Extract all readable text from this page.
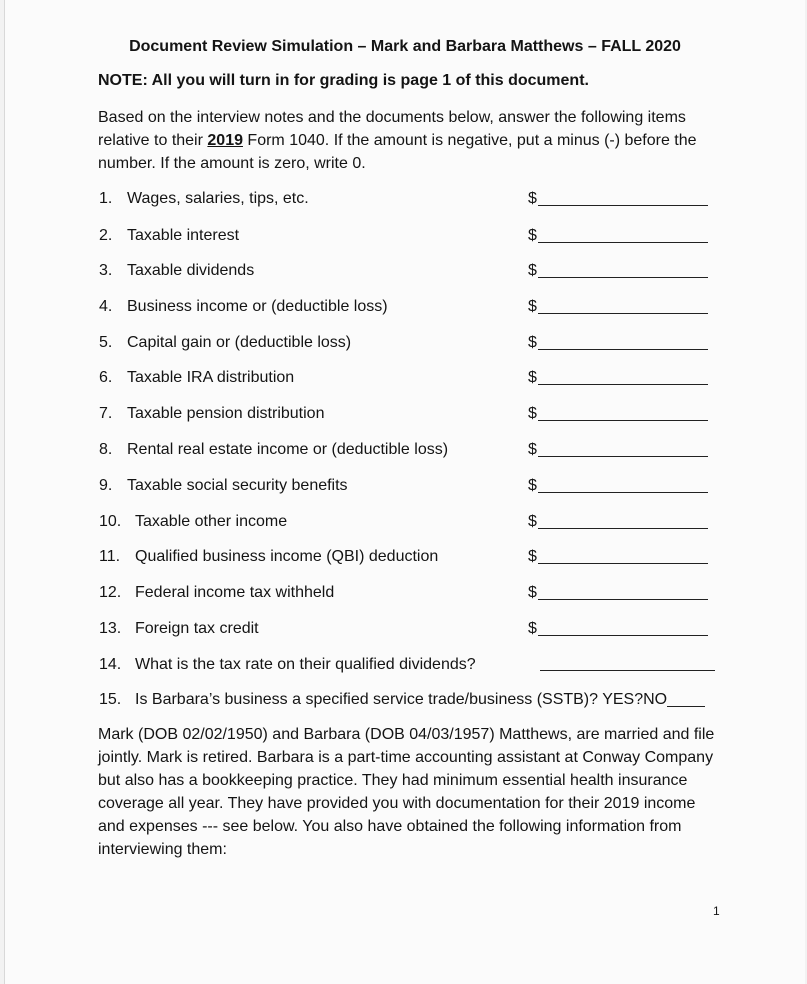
Document Review Simulation – Mark and Barbara Matthews – FALL 2020
NOTE: All you will turn in for grading is page 1 of this document.
Based on the interview notes and the documents below, answer the following items relative to their 2019 Form 1040. If the amount is negative, put a minus (-) before the number. If the amount is zero, write 0.
1. Wages, salaries, tips, etc.	$
2. Taxable interest	$
3. Taxable dividends	$
4. Business income or (deductible loss)	$
5. Capital gain or (deductible loss)	$
6. Taxable IRA distribution	$
7. Taxable pension distribution	$
8. Rental real estate income or (deductible loss)	$
9. Taxable social security benefits	$
10. Taxable other income	$
11. Qualified business income (QBI) deduction	$
12. Federal income tax withheld	$
13. Foreign tax credit	$
14. What is the tax rate on their qualified dividends?
15. Is Barbara’s business a specified service trade/business (SSTB)? YES?NO
Mark (DOB 02/02/1950) and Barbara (DOB 04/03/1957) Matthews, are married and file jointly. Mark is retired. Barbara is a part-time accounting assistant at Conway Company but also has a bookkeeping practice. They had minimum essential health insurance coverage all year. They have provided you with documentation for their 2019 income and expenses --- see below. You also have obtained the following information from interviewing them:
1
